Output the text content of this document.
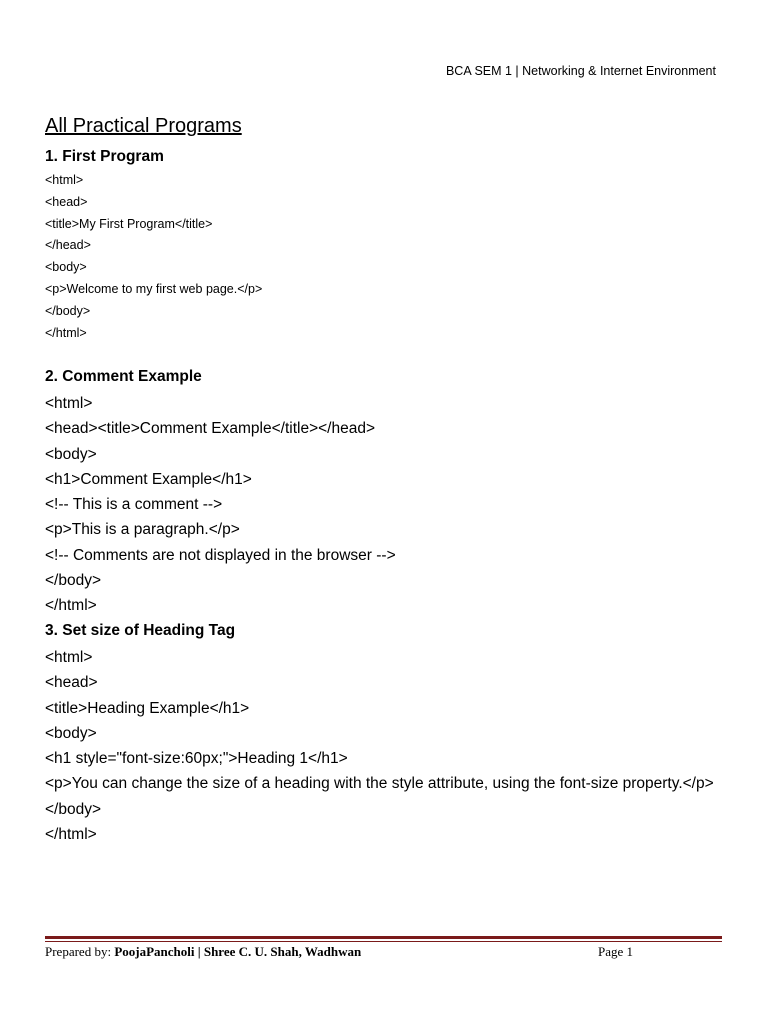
BCA SEM 1 | Networking & Internet Environment
All Practical Programs
1. First Program
<html>
<head>
<title>My First Program</title>
</head>
<body>
<p>Welcome to my first web page.</p>
</body>
</html>
2. Comment Example
<html>
<head><title>Comment Example</title></head>
<body>
<h1>Comment Example</h1>
<!-- This is a comment -->
<p>This is a paragraph.</p>
<!-- Comments are not displayed in the browser -->
</body>
</html>
3. Set size of Heading Tag
<html>
<head>
<title>Heading Example</h1>
<body>
<h1 style="font-size:60px;">Heading 1</h1>
<p>You can change the size of a heading with the style attribute, using the font-size property.</p>
</body>
</html>
Prepared by: PoojaPancholi | Shree C. U. Shah, Wadhwan	Page 1
